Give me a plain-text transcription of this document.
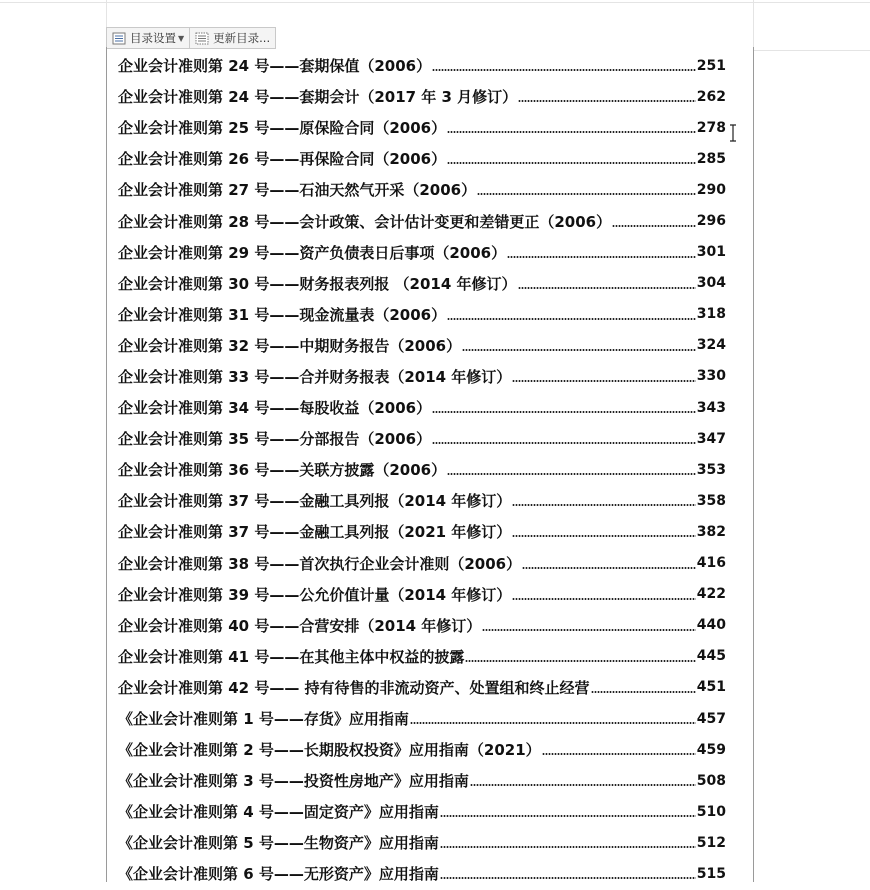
目录设置 ▼	更新目录...
企业会计准则第 24 号——套期保值（2006）	251
企业会计准则第 24 号——套期会计（2017 年 3 月修订）	262
企业会计准则第 25 号——原保险合同（2006）	278
企业会计准则第 26 号——再保险合同（2006）	285
企业会计准则第 27 号——石油天然气开采（2006）	290
企业会计准则第 28 号——会计政策、会计估计变更和差错更正（2006）	296
企业会计准则第 29 号——资产负债表日后事项（2006）	301
企业会计准则第 30 号——财务报表列报 （2014 年修订）	304
企业会计准则第 31 号——现金流量表（2006）	318
企业会计准则第 32 号——中期财务报告（2006）	324
企业会计准则第 33 号——合并财务报表（2014 年修订）	330
企业会计准则第 34 号——每股收益（2006）	343
企业会计准则第 35 号——分部报告（2006）	347
企业会计准则第 36 号——关联方披露（2006）	353
企业会计准则第 37 号——金融工具列报（2014 年修订）	358
企业会计准则第 37 号——金融工具列报（2021 年修订）	382
企业会计准则第 38 号——首次执行企业会计准则（2006）	416
企业会计准则第 39 号——公允价值计量（2014 年修订）	422
企业会计准则第 40 号——合营安排（2014 年修订）	440
企业会计准则第 41 号——在其他主体中权益的披露	445
企业会计准则第 42 号—— 持有待售的非流动资产、处置组和终止经营	451
《企业会计准则第 1 号——存货》应用指南	457
《企业会计准则第 2 号——长期股权投资》应用指南（2021）	459
《企业会计准则第 3 号——投资性房地产》应用指南	508
《企业会计准则第 4 号——固定资产》应用指南	510
《企业会计准则第 5 号——生物资产》应用指南	512
《企业会计准则第 6 号——无形资产》应用指南	515
